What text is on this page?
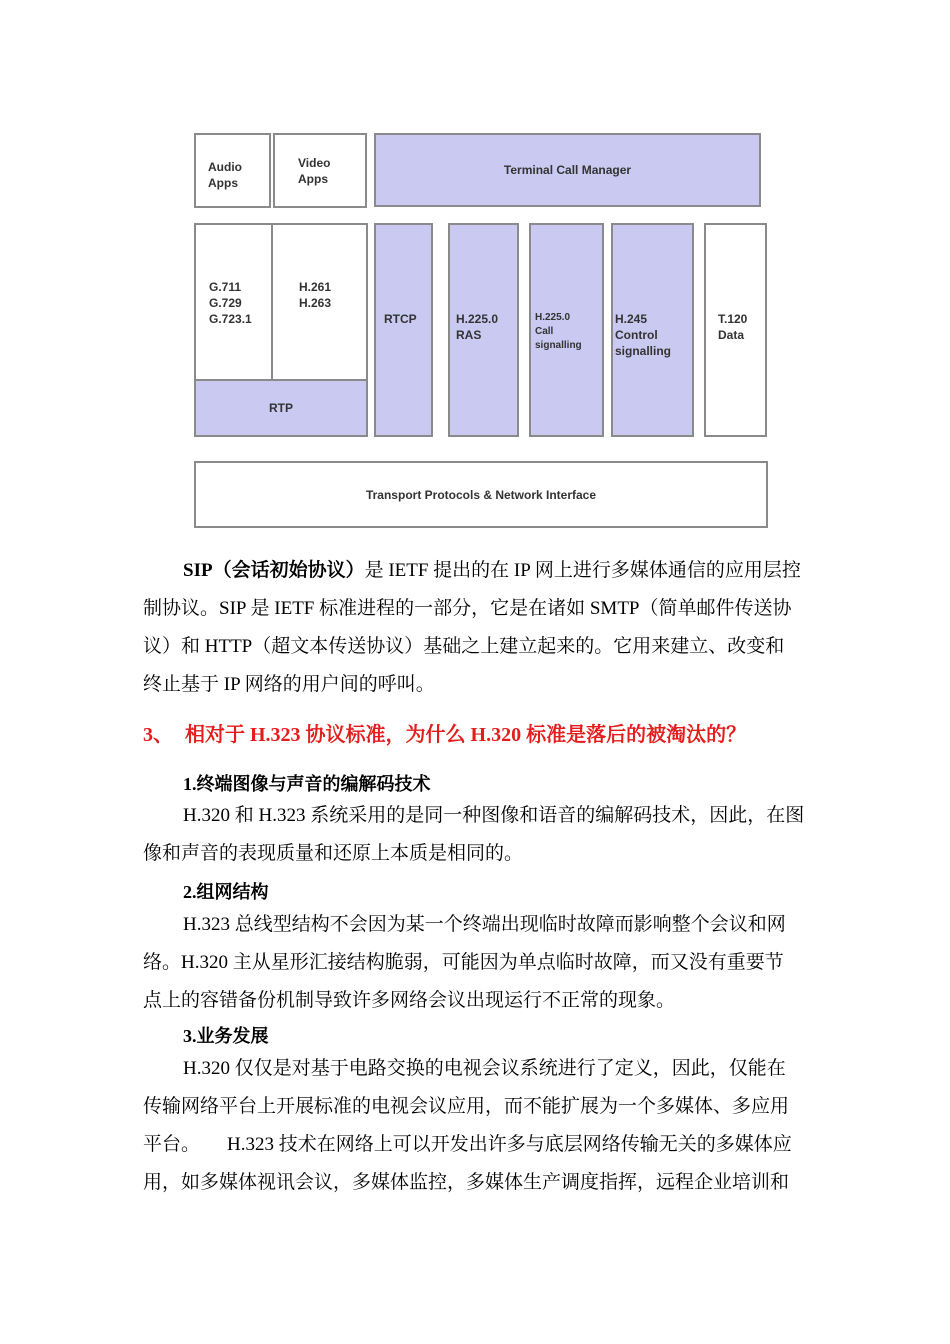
Audio
Apps
Video
Apps
Terminal Call Manager
G.711
G.729
G.723.1
H.261
H.263
RTP
RTCP	H.225.0
RAS
H.225.0
Call
signalling
H.245
Control
signalling
T.120
Data
Transport Protocols & Network Interface
SIP（会话初始协议）是 IETF 提出的在 IP 网上进行多媒体通信的应用层控
制协议。SIP 是 IETF 标准进程的一部分，它是在诸如 SMTP（简单邮件传送协
议）和 HTTP（超文本传送协议）基础之上建立起来的。它用来建立、改变和
终止基于 IP 网络的用户间的呼叫。
3、 相对于 H.323 协议标准，为什么 H.320 标准是落后的被淘汰的？
1.终端图像与声音的编解码技术
H.320 和 H.323 系统采用的是同一种图像和语音的编解码技术，因此，在图
像和声音的表现质量和还原上本质是相同的。
2.组网结构
H.323 总线型结构不会因为某一个终端出现临时故障而影响整个会议和网
络。H.320 主从星形汇接结构脆弱，可能因为单点临时故障，而又没有重要节
点上的容错备份机制导致许多网络会议出现运行不正常的现象。
3.业务发展
H.320 仅仅是对基于电路交换的电视会议系统进行了定义，因此，仅能在
传输网络平台上开展标准的电视会议应用，而不能扩展为一个多媒体、多应用
平台。 H.323 技术在网络上可以开发出许多与底层网络传输无关的多媒体应
用，如多媒体视讯会议，多媒体监控，多媒体生产调度指挥，远程企业培训和
